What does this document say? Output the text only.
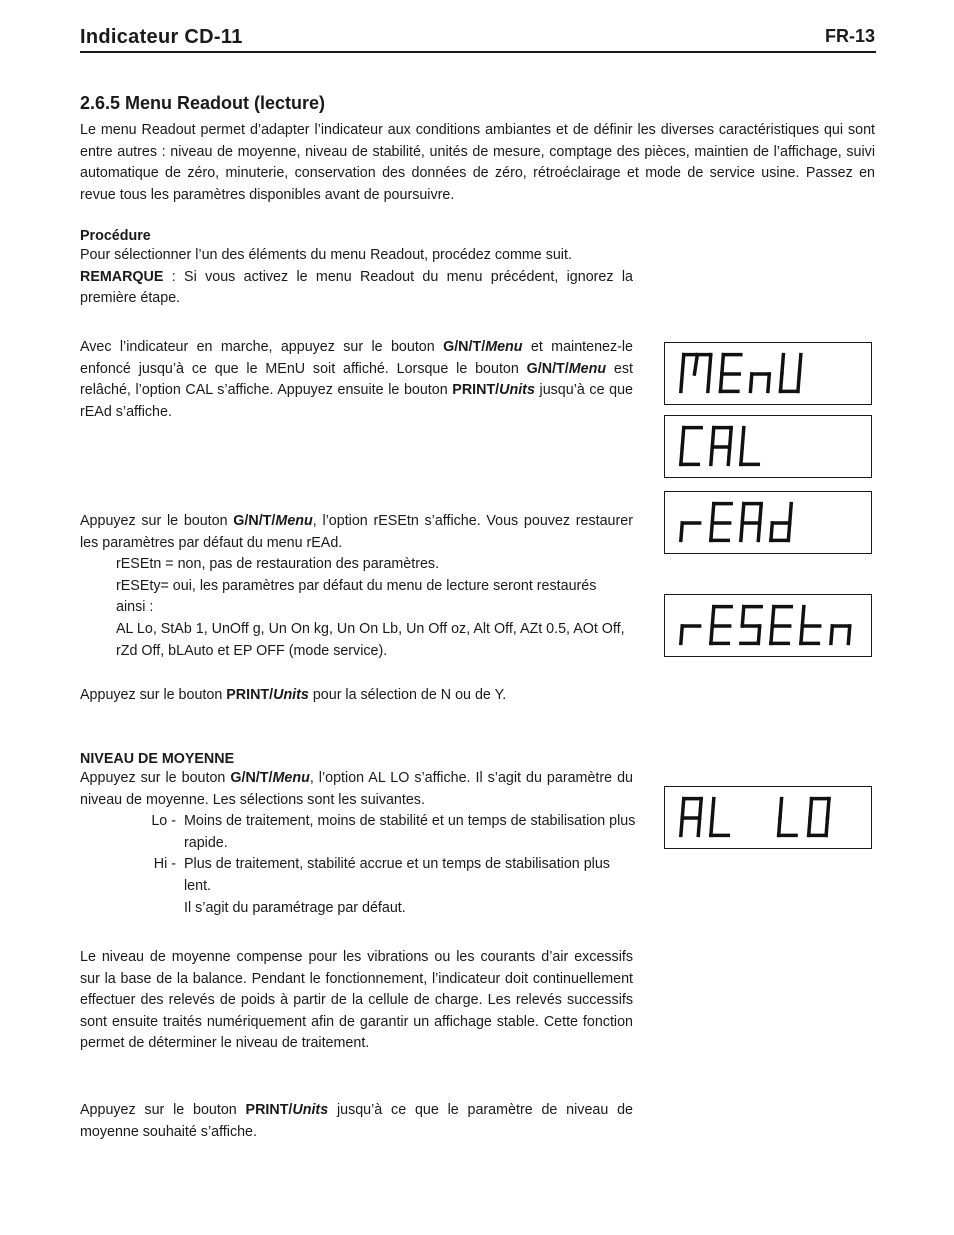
Indicateur CD-11	FR-13
2.6.5 Menu Readout (lecture)
Le menu Readout permet d’adapter l’indicateur aux conditions ambiantes et de définir les diverses caractéristiques qui sont entre autres : niveau de moyenne, niveau de stabilité, unités de mesure, comptage des pièces, maintien de l’affichage, suivi automatique de zéro, minuterie, conservation des données de zéro, rétroéclairage et mode de service usine. Passez en revue tous les paramètres disponibles avant de poursuivre.
Procédure
Pour sélectionner l’un des éléments du menu Readout, procédez comme suit.
REMARQUE : Si vous activez le menu Readout du menu précédent, ignorez la première étape.
Avec l’indicateur en marche, appuyez sur le bouton G/N/T/Menu et maintenez-le enfoncé jusqu’à ce que le MEnU soit affiché. Lorsque le bouton G/N/T/Menu est relâché, l’option CAL s’affiche. Appuyez ensuite le bouton PRINT/Units jusqu’à ce que rEAd s’affiche.
Appuyez sur le bouton G/N/T/Menu, l’option rESEtn s’affiche. Vous pouvez restaurer les paramètres par défaut du menu rEAd.
rESEtn = non, pas de restauration des paramètres.
rESEty= oui, les paramètres par défaut du menu de lecture seront restaurés ainsi :
AL Lo, StAb 1, UnOff g, Un On kg, Un On Lb, Un Off oz, Alt Off, AZt 0.5, AOt Off, rZd Off, bLAuto et EP OFF (mode service).
Appuyez sur le bouton PRINT/Units pour la sélection de N ou de Y.
NIVEAU DE MOYENNE
Appuyez sur le bouton G/N/T/Menu, l’option AL LO s’affiche. Il s’agit du paramètre du niveau de moyenne. Les sélections sont les suivantes.
Lo - Moins de traitement, moins de stabilité et un temps de stabilisation plus rapide.
Hi - Plus de traitement, stabilité accrue et un temps de stabilisation plus lent.
Il s’agit du paramétrage par défaut.
Le niveau de moyenne compense pour les vibrations ou les courants d’air excessifs sur la base de la balance. Pendant le fonctionnement, l’indicateur doit continuellement effectuer des relevés de poids à partir de la cellule de charge. Les relevés successifs sont ensuite traités numériquement afin de garantir un affichage stable. Cette fonction permet de déterminer le niveau de traitement.
Appuyez sur le bouton PRINT/Units jusqu’à ce que le paramètre de niveau de moyenne souhaité s’affiche.
